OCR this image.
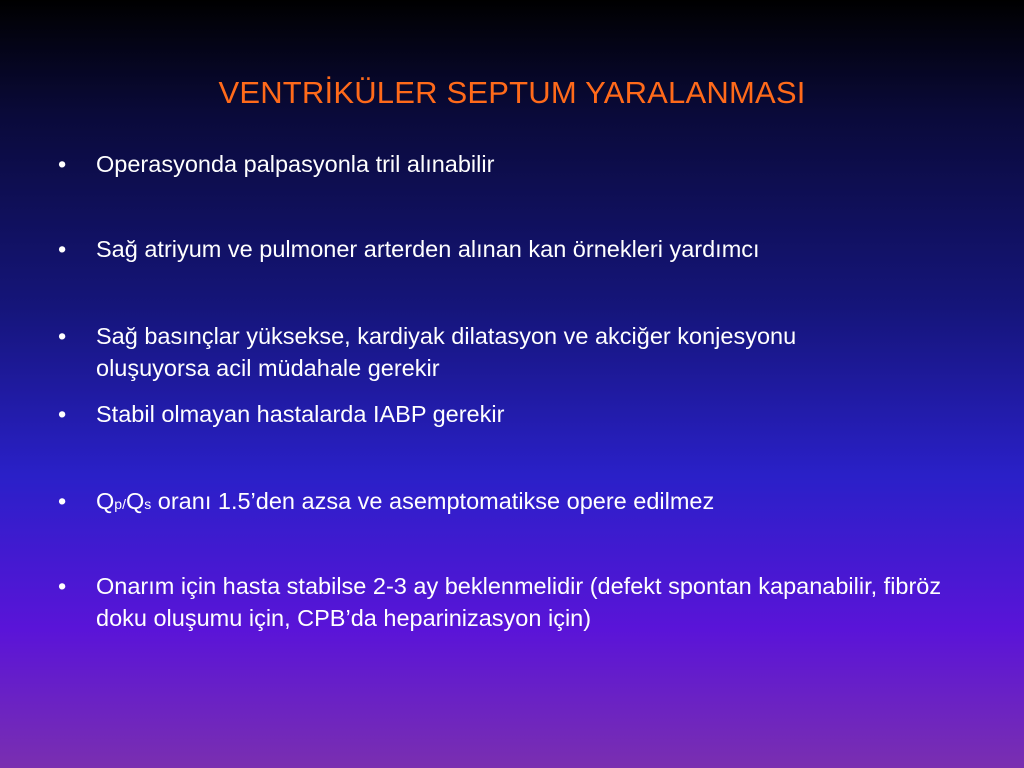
VENTRİKÜLER SEPTUM YARALANMASI
•	Operasyonda palpasyonla tril alınabilir
•	Sağ atriyum ve pulmoner arterden alınan kan örnekleri yardımcı
•	Sağ basınçlar yüksekse, kardiyak dilatasyon ve akciğer konjesyonu oluşuyorsa acil müdahale gerekir
•	Stabil olmayan hastalarda IABP gerekir
•	Qp/Qs oranı 1.5’den azsa ve asemptomatikse opere edilmez
•	Onarım için hasta stabilse 2-3 ay beklenmelidir (defekt spontan kapanabilir, fibröz doku oluşumu için, CPB’da heparinizasyon için)
